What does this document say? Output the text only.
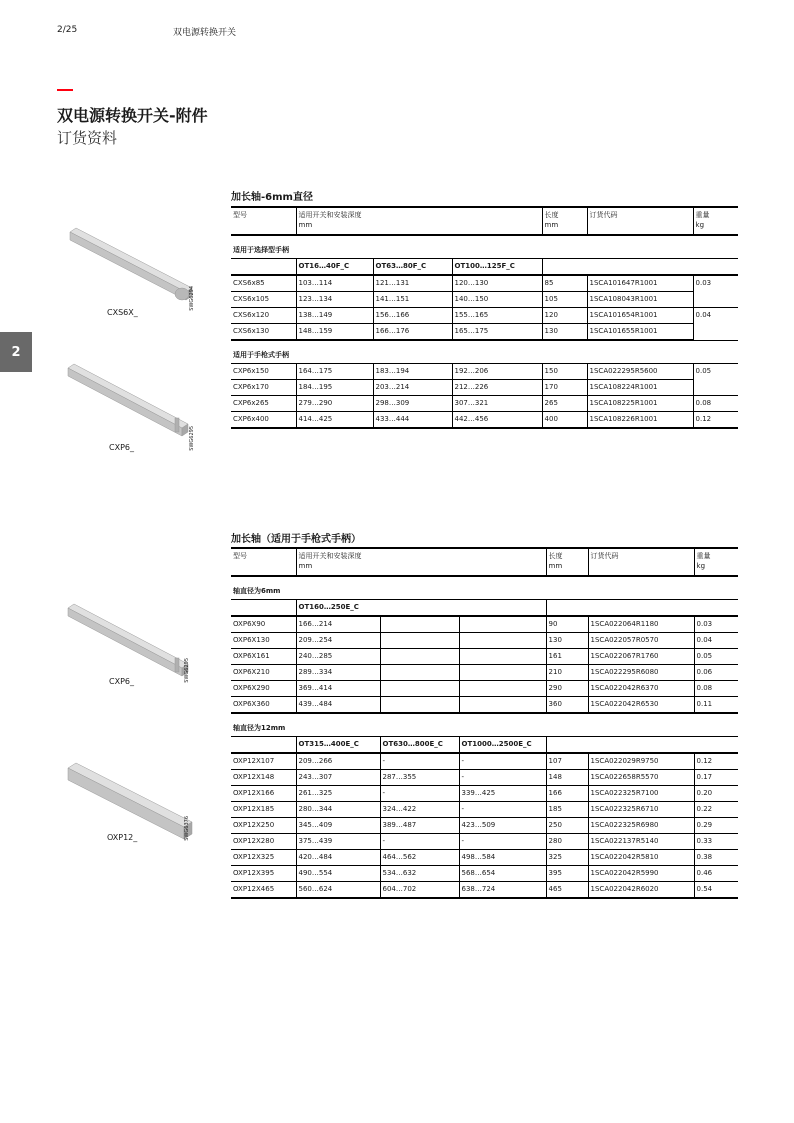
2/25	双电源转换开关
双电源转换开关-附件
订货资料
2
CXS6X_
SWG6294
CXP6_	SWG6295
CXP6_	SWG6295
OXP12_	SWG6376
加长轴-6mm直径
型号	适用开关和安装深度
mm			长度
mm	订货代码	重量
kg
适用于选择型手柄						
	OT16…40F_C	OT63…80F_C	OT100…125F_C			
CXS6x85	103…114	121…131	120…130	85	1SCA101647R1001	0.03
CXS6x105	123…134	141…151	140…150	105	1SCA108043R1001	
CXS6x120	138…149	156…166	155…165	120	1SCA101654R1001	0.04
CXS6x130	148…159	166…176	165…175	130	1SCA101655R1001	
适用于手枪式手柄						
CXP6x150	164…175	183…194	192…206	150	1SCA022295R5600	0.05
CXP6x170	184…195	203…214	212…226	170	1SCA108224R1001	
CXP6x265	279…290	298…309	307…321	265	1SCA108225R1001	0.08
CXP6x400	414…425	433…444	442…456	400	1SCA108226R1001	0.12
加长轴（适用于手枪式手柄）
型号	适用开关和安装深度
mm			长度
mm	订货代码	重量
kg
轴直径为6mm						
	OT160…250E_C					
OXP6X90	166…214			90	1SCA022064R1180	0.03
OXP6X130	209…254			130	1SCA022057R0570	0.04
OXP6X161	240…285			161	1SCA022067R1760	0.05
OXP6X210	289…334			210	1SCA022295R6080	0.06
OXP6X290	369…414			290	1SCA022042R6370	0.08
OXP6X360	439…484			360	1SCA022042R6530	0.11
轴直径为12mm						
	OT315…400E_C	OT630…800E_C	OT1000…2500E_C			
OXP12X107	209…266	-	-	107	1SCA022029R9750	0.12
OXP12X148	243…307	287…355	-	148	1SCA022658R5570	0.17
OXP12X166	261…325	-	339…425	166	1SCA022325R7100	0.20
OXP12X185	280…344	324…422	-	185	1SCA022325R6710	0.22
OXP12X250	345…409	389…487	423…509	250	1SCA022325R6980	0.29
OXP12X280	375…439	-	-	280	1SCA022137R5140	0.33
OXP12X325	420…484	464…562	498…584	325	1SCA022042R5810	0.38
OXP12X395	490…554	534…632	568…654	395	1SCA022042R5990	0.46
OXP12X465	560…624	604…702	638…724	465	1SCA022042R6020	0.54
